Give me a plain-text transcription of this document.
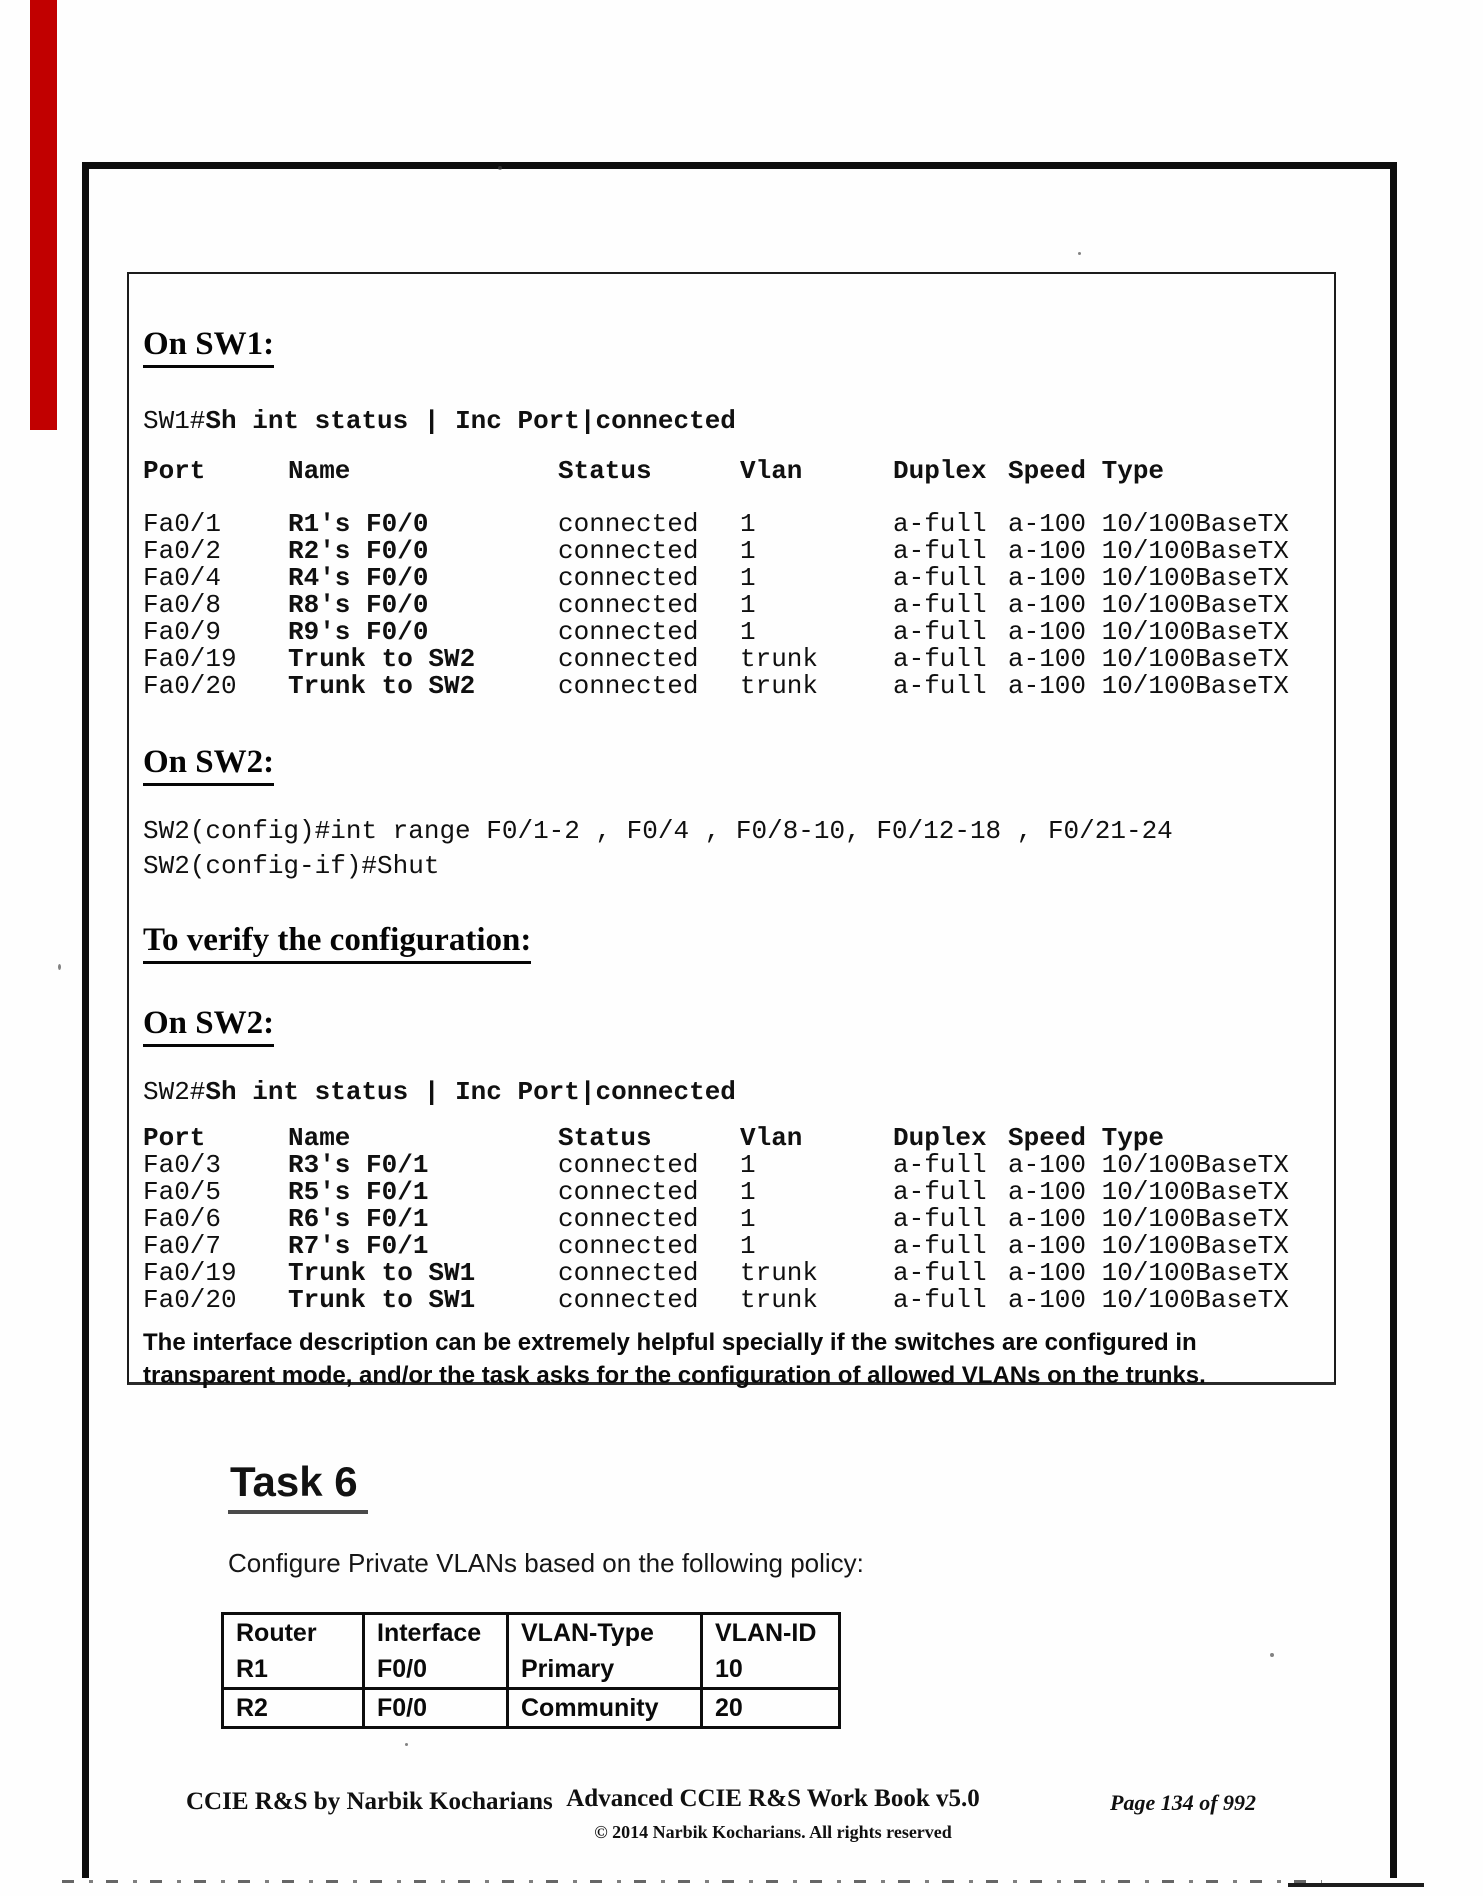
On SW1:
SW1#Sh int status | Inc Port|connected
Port	Name	Status	Vlan	Duplex Speed Type
Fa0/1	R1's F0/0	connected	1	a-full a-100 10/100BaseTX
Fa0/2	R2's F0/0	connected	1	a-full a-100 10/100BaseTX
Fa0/4	R4's F0/0	connected	1	a-full a-100 10/100BaseTX
Fa0/8	R8's F0/0	connected	1	a-full a-100 10/100BaseTX
Fa0/9	R9's F0/0	connected	1	a-full a-100 10/100BaseTX
Fa0/19	Trunk to SW2	connected	trunk	a-full a-100 10/100BaseTX
Fa0/20	Trunk to SW2	connected	trunk	a-full a-100 10/100BaseTX
On SW2:
SW2(config)#int range F0/1-2 , F0/4 , F0/8-10, F0/12-18 , F0/21-24
SW2(config-if)#Shut
To verify the configuration:
On SW2:
SW2#Sh int status | Inc Port|connected
Port	Name	Status	Vlan	Duplex Speed Type
Fa0/3	R3's F0/1	connected	1	a-full a-100 10/100BaseTX
Fa0/5	R5's F0/1	connected	1	a-full a-100 10/100BaseTX
Fa0/6	R6's F0/1	connected	1	a-full a-100 10/100BaseTX
Fa0/7	R7's F0/1	connected	1	a-full a-100 10/100BaseTX
Fa0/19	Trunk to SW1	connected	trunk	a-full a-100 10/100BaseTX
Fa0/20	Trunk to SW1	connected	trunk	a-full a-100 10/100BaseTX
The interface description can be extremely helpful specially if the switches are configured in
transparent mode, and/or the task asks for the configuration of allowed VLANs on the trunks.
Task 6
Configure Private VLANs based on the following policy:
Router	Interface	VLAN-Type	VLAN-ID
R1	F0/0	Primary	10
R2	F0/0	Community	20
CCIE R&S by Narbik Kocharians Advanced CCIE R&S Work Book v5.0
© 2014 Narbik Kocharians. All rights reserved
Page 134 of 992
